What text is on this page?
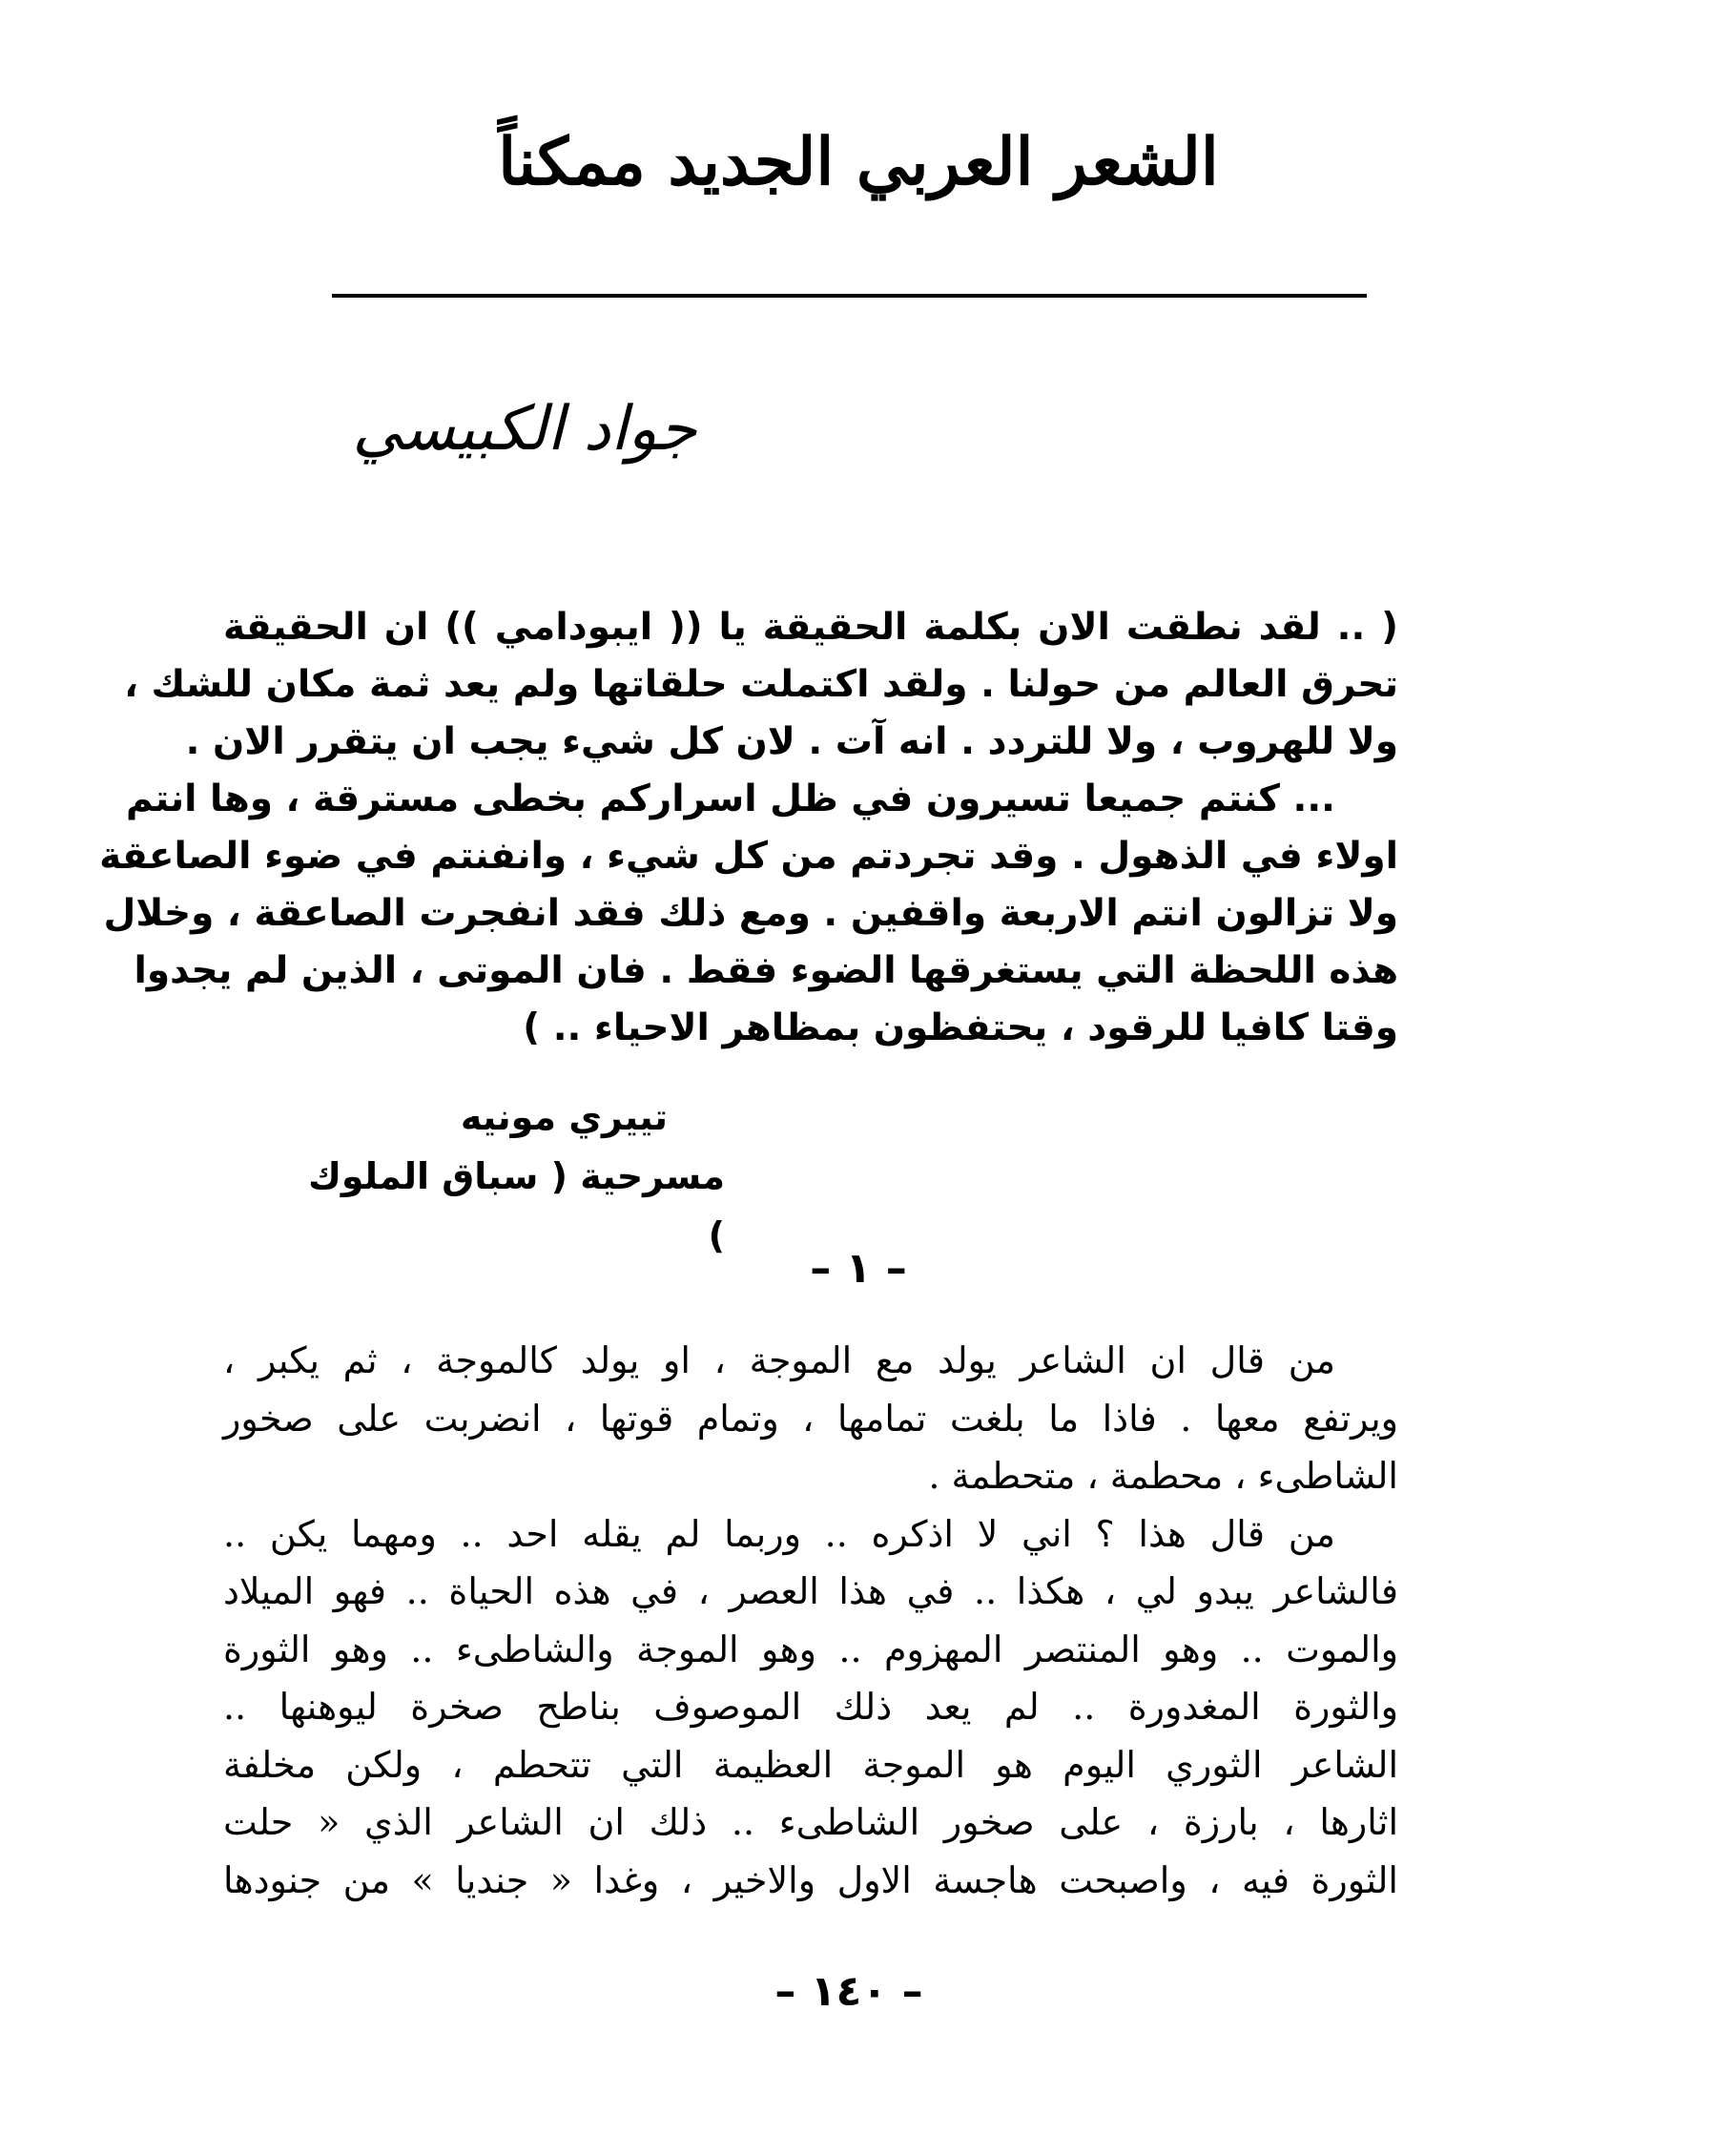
الشعر العربي الجديد ممكناً
جواد الكبيسي
( .. لقد نطقت الان بكلمة الحقيقة يا (( ايبودامي )) ان الحقيقة
تحرق العالم من حولنا . ولقد اكتملت حلقاتها ولم يعد ثمة مكان للشك ،
ولا للهروب ، ولا للتردد . انه آت . لان كل شيء يجب ان يتقرر الان .
... كنتم جميعا تسيرون في ظل اسراركم بخطى مسترقة ، وها انتم
اولاء في الذهول . وقد تجردتم من كل شيء ، وانفنتم في ضوء الصاعقة
ولا تزالون انتم الاربعة واقفين . ومع ذلك فقد انفجرت الصاعقة ، وخلال
هذه اللحظة التي يستغرقها الضوء فقط . فان الموتى ، الذين لم يجدوا
وقتا كافيا للرقود ، يحتفظون بمظاهر الاحياء .. )
تييري مونيه
مسرحية ( سباق الملوك )
– ١ –
من قال ان الشاعر يولد مع الموجة ، او يولد كالموجة ، ثم يكبر ،
ويرتفع معها . فاذا ما بلغت تمامها ، وتمام قوتها ، انضربت على صخور
الشاطىء ، محطمة ، متحطمة .
من قال هذا ؟ اني لا اذكره .. وربما لم يقله احد .. ومهما يكن ..
فالشاعر يبدو لي ، هكذا .. في هذا العصر ، في هذه الحياة .. فهو الميلاد
والموت .. وهو المنتصر المهزوم .. وهو الموجة والشاطىء .. وهو الثورة
والثورة المغدورة .. لم يعد ذلك الموصوف بناطح صخرة ليوهنها ..
الشاعر الثوري اليوم هو الموجة العظيمة التي تتحطم ، ولكن مخلفة
اثارها ، بارزة ، على صخور الشاطىء .. ذلك ان الشاعر الذي « حلت
الثورة فيه ، واصبحت هاجسة الاول والاخير ، وغدا « جنديا » من جنودها
– ١٤٠ –
